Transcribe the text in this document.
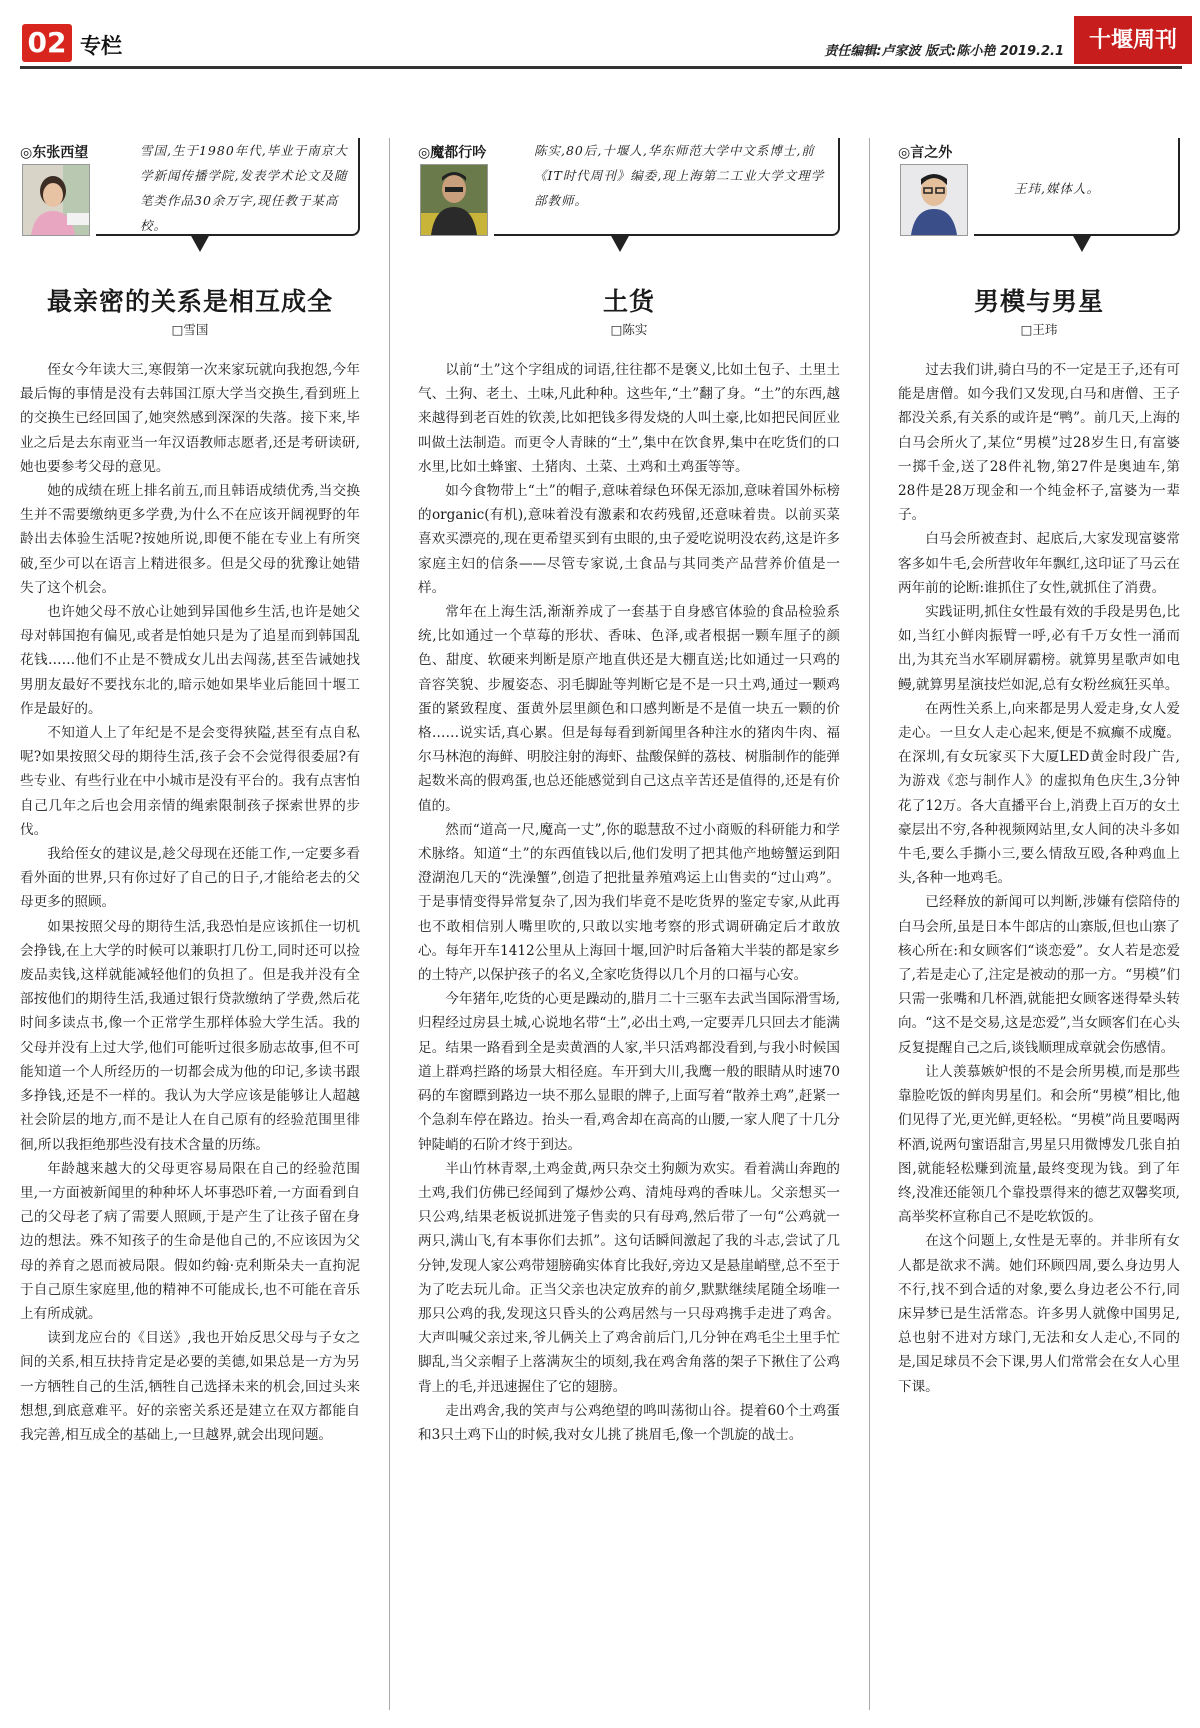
02 专栏	责任编辑:卢家波 版式:陈小艳 2019.2.1	十堰周刊
◎东张西望	雪国,生于1980年代,毕业于南京大学新闻传播学院,发表学术论文及随笔类作品30余万字,现任教于某高校。
最亲密的关系是相互成全
□雪国

侄女今年读大三,寒假第一次来家玩就向我抱怨,今年最后悔的事情是没有去韩国江原大学当交换生,看到班上的交换生已经回国了,她突然感到深深的失落。接下来,毕业之后是去东南亚当一年汉语教师志愿者,还是考研读研,她也要参考父母的意见。

她的成绩在班上排名前五,而且韩语成绩优秀,当交换生并不需要缴纳更多学费,为什么不在应该开阔视野的年龄出去体验生活呢?按她所说,即便不能在专业上有所突破,至少可以在语言上精进很多。但是父母的犹豫让她错失了这个机会。

也许她父母不放心让她到异国他乡生活,也许是她父母对韩国抱有偏见,或者是怕她只是为了追星而到韩国乱花钱……他们不止是不赞成女儿出去闯荡,甚至告诫她找男朋友最好不要找东北的,暗示她如果毕业后能回十堰工作是最好的。

不知道人上了年纪是不是会变得狭隘,甚至有点自私呢?如果按照父母的期待生活,孩子会不会觉得很委屈?有些专业、有些行业在中小城市是没有平台的。我有点害怕自己几年之后也会用亲情的绳索限制孩子探索世界的步伐。

我给侄女的建议是,趁父母现在还能工作,一定要多看看外面的世界,只有你过好了自己的日子,才能给老去的父母更多的照顾。

如果按照父母的期待生活,我恐怕是应该抓住一切机会挣钱,在上大学的时候可以兼职打几份工,同时还可以捡废品卖钱,这样就能减轻他们的负担了。但是我并没有全部按他们的期待生活,我通过银行贷款缴纳了学费,然后花时间多读点书,像一个正常学生那样体验大学生活。我的父母并没有上过大学,他们可能听过很多励志故事,但不可能知道一个人所经历的一切都会成为他的印记,多读书跟多挣钱,还是不一样的。我认为大学应该是能够让人超越社会阶层的地方,而不是让人在自己原有的经验范围里徘徊,所以我拒绝那些没有技术含量的历练。

年龄越来越大的父母更容易局限在自己的经验范围里,一方面被新闻里的种种坏人坏事恐吓着,一方面看到自己的父母老了病了需要人照顾,于是产生了让孩子留在身边的想法。殊不知孩子的生命是他自己的,不应该因为父母的养育之恩而被局限。假如约翰·克利斯朵夫一直拘泥于自己原生家庭里,他的精神不可能成长,也不可能在音乐上有所成就。

读到龙应台的《目送》,我也开始反思父母与子女之间的关系,相互扶持肯定是必要的美德,如果总是一方为另一方牺牲自己的生活,牺牲自己选择未来的机会,回过头来想想,到底意难平。好的亲密关系还是建立在双方都能自我完善,相互成全的基础上,一旦越界,就会出现问题。

◎魔都行吟	陈实,80后,十堰人,华东师范大学中文系博士,前《IT时代周刊》编委,现上海第二工业大学文理学部教师。
土货
□陈实

以前“土”这个字组成的词语,往往都不是褒义,比如土包子、土里土气、土狗、老土、土味,凡此种种。这些年,“土”翻了身。“土”的东西,越来越得到老百姓的钦羡,比如把钱多得发烧的人叫土豪,比如把民间匠业叫做土法制造。而更令人青睐的“土”,集中在饮食界,集中在吃货们的口水里,比如土蜂蜜、土猪肉、土菜、土鸡和土鸡蛋等等。

如今食物带上“土”的帽子,意味着绿色环保无添加,意味着国外标榜的organic(有机),意味着没有激素和农药残留,还意味着贵。以前买菜喜欢买漂亮的,现在更希望买到有虫眼的,虫子爱吃说明没农药,这是许多家庭主妇的信条——尽管专家说,土食品与其同类产品营养价值是一样。

常年在上海生活,渐渐养成了一套基于自身感官体验的食品检验系统,比如通过一个草莓的形状、香味、色泽,或者根据一颗车厘子的颜色、甜度、软硬来判断是原产地直供还是大棚直送;比如通过一只鸡的音容笑貌、步履姿态、羽毛脚趾等判断它是不是一只土鸡,通过一颗鸡蛋的紧致程度、蛋黄外层里颜色和口感判断是不是值一块五一颗的价格……说实话,真心累。但是每每看到新闻里各种注水的猪肉牛肉、福尔马林泡的海鲜、明胶注射的海虾、盐酸保鲜的荔枝、树脂制作的能弹起数米高的假鸡蛋,也总还能感觉到自己这点辛苦还是值得的,还是有价值的。

然而“道高一尺,魔高一丈”,你的聪慧敌不过小商贩的科研能力和学术脉络。知道“土”的东西值钱以后,他们发明了把其他产地螃蟹运到阳澄湖泡几天的“洗澡蟹”,创造了把批量养殖鸡运上山售卖的“过山鸡”。于是事情变得异常复杂了,因为我们毕竟不是吃货界的鉴定专家,从此再也不敢相信别人嘴里吹的,只敢以实地考察的形式调研确定后才敢放心。每年开车1412公里从上海回十堰,回沪时后备箱大半装的都是家乡的土特产,以保护孩子的名义,全家吃货得以几个月的口福与心安。

今年猪年,吃货的心更是躁动的,腊月二十三驱车去武当国际滑雪场,归程经过房县土城,心说地名带“土”,必出土鸡,一定要弄几只回去才能满足。结果一路看到全是卖黄酒的人家,半只活鸡都没看到,与我小时候国道上群鸡拦路的场景大相径庭。车开到大川,我鹰一般的眼睛从时速70码的车窗瞟到路边一块不那么显眼的牌子,上面写着“散养土鸡”,赶紧一个急刹车停在路边。抬头一看,鸡舍却在高高的山腰,一家人爬了十几分钟陡峭的石阶才终于到达。

半山竹林青翠,土鸡金黄,两只杂交土狗颇为欢实。看着满山奔跑的土鸡,我们仿佛已经闻到了爆炒公鸡、清炖母鸡的香味儿。父亲想买一只公鸡,结果老板说抓进笼子售卖的只有母鸡,然后带了一句“公鸡就一两只,满山飞,有本事你们去抓”。这句话瞬间激起了我的斗志,尝试了几分钟,发现人家公鸡带翅膀确实体育比我好,旁边又是悬崖峭壁,总不至于为了吃去玩儿命。正当父亲也决定放弃的前夕,默默继续尾随全场唯一那只公鸡的我,发现这只昏头的公鸡居然与一只母鸡携手走进了鸡舍。大声叫喊父亲过来,爷儿俩关上了鸡舍前后门,几分钟在鸡毛尘土里手忙脚乱,当父亲帽子上落满灰尘的顷刻,我在鸡舍角落的架子下揪住了公鸡背上的毛,并迅速握住了它的翅膀。

走出鸡舍,我的笑声与公鸡绝望的鸣叫荡彻山谷。提着60个土鸡蛋和3只土鸡下山的时候,我对女儿挑了挑眉毛,像一个凯旋的战士。

◎言之外
王玮,媒体人。
男模与男星
□王玮

过去我们讲,骑白马的不一定是王子,还有可能是唐僧。如今我们又发现,白马和唐僧、王子都没关系,有关系的或许是“鸭”。前几天,上海的白马会所火了,某位“男模”过28岁生日,有富婆一掷千金,送了28件礼物,第27件是奥迪车,第28件是28万现金和一个纯金杯子,富婆为一辈子。

白马会所被查封、起底后,大家发现富婆常客多如牛毛,会所营收年年飘红,这印证了马云在两年前的论断:谁抓住了女性,就抓住了消费。

实践证明,抓住女性最有效的手段是男色,比如,当红小鲜肉振臂一呼,必有千万女性一涌而出,为其充当水军刷屏霸榜。就算男星歌声如电鳗,就算男星演技烂如泥,总有女粉丝疯狂买单。

在两性关系上,向来都是男人爱走身,女人爱走心。一旦女人走心起来,便是不疯癫不成魔。在深圳,有女玩家买下大厦LED黄金时段广告,为游戏《恋与制作人》的虚拟角色庆生,3分钟花了12万。各大直播平台上,消费上百万的女土豪层出不穷,各种视频网站里,女人间的决斗多如牛毛,要么手撕小三,要么情敌互殴,各种鸡血上头,各种一地鸡毛。

已经释放的新闻可以判断,涉嫌有偿陪侍的白马会所,虽是日本牛郎店的山寨版,但也山寨了核心所在:和女顾客们“谈恋爱”。女人若是恋爱了,若是走心了,注定是被动的那一方。“男模”们只需一张嘴和几杯酒,就能把女顾客迷得晕头转向。“这不是交易,这是恋爱”,当女顾客们在心头反复提醒自己之后,谈钱顺理成章就会伤感情。

让人羡慕嫉妒恨的不是会所男模,而是那些靠脸吃饭的鲜肉男星们。和会所“男模”相比,他们见得了光,更光鲜,更轻松。“男模”尚且要喝两杯酒,说两句蜜语甜言,男星只用微博发几张自拍图,就能轻松赚到流量,最终变现为钱。到了年终,没准还能领几个靠投票得来的德艺双馨奖项,高举奖杯宣称自己不是吃软饭的。

在这个问题上,女性是无辜的。并非所有女人都是欲求不满。她们环顾四周,要么身边男人不行,找不到合适的对象,要么身边老公不行,同床异梦已是生活常态。许多男人就像中国男足,总也射不进对方球门,无法和女人走心,不同的是,国足球员不会下课,男人们常常会在女人心里下课。
